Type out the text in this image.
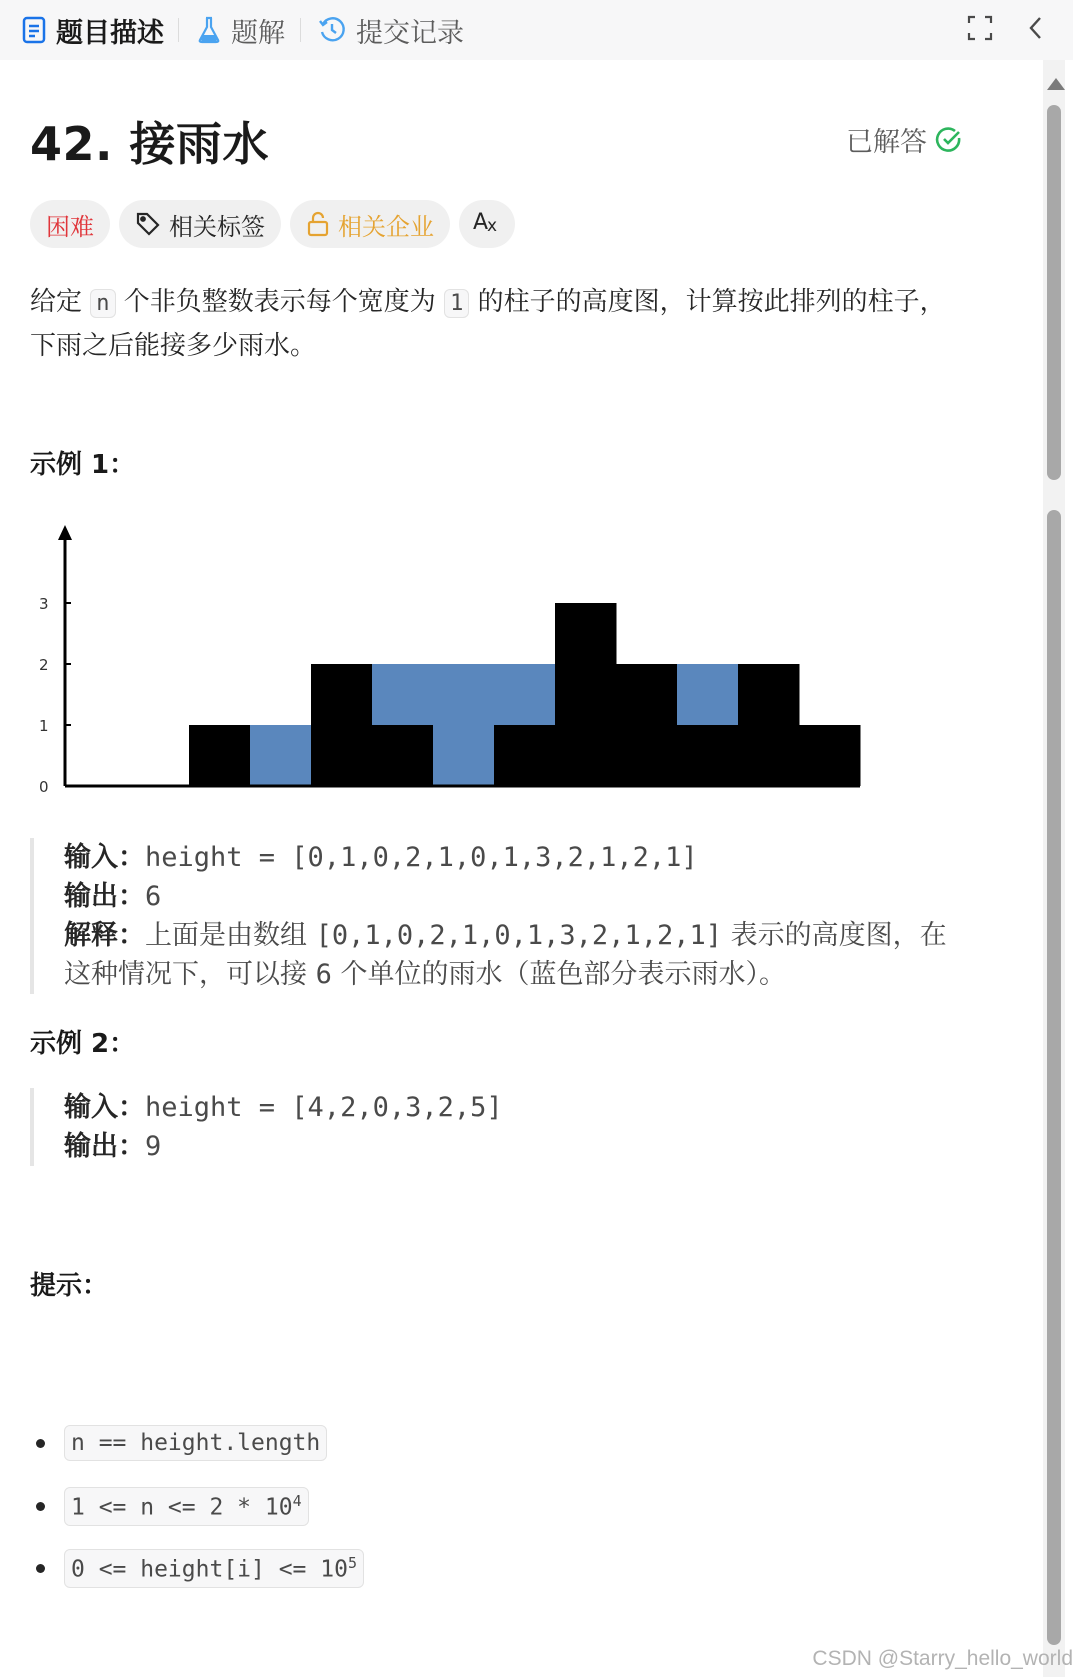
题目描述 题解	提交记录
42. 接雨水	已解答
困难	相关标签	相关企业 A
x
给定 n 个非负整数表示每个宽度为 1 的柱子的高度图，计算按此排列的柱子，下雨之后能接多少雨水。
示例 1：
0
1
2
3
输入：height = [0,1,0,2,1,0,1,3,2,1,2,1]
输出：6
解释：上面是由数组 [0,1,0,2,1,0,1,3,2,1,2,1] 表示的高度图，在这种情况下，可以接 6 个单位的雨水（蓝色部分表示雨水）。
示例 2：
输入：height = [4,2,0,3,2,5]
输出：9
提示：
n == height.length
$1 <= n <= 2 * 10^4$
0 <= height[i] <= $10^5$
CSDN @Starry_hello_world
